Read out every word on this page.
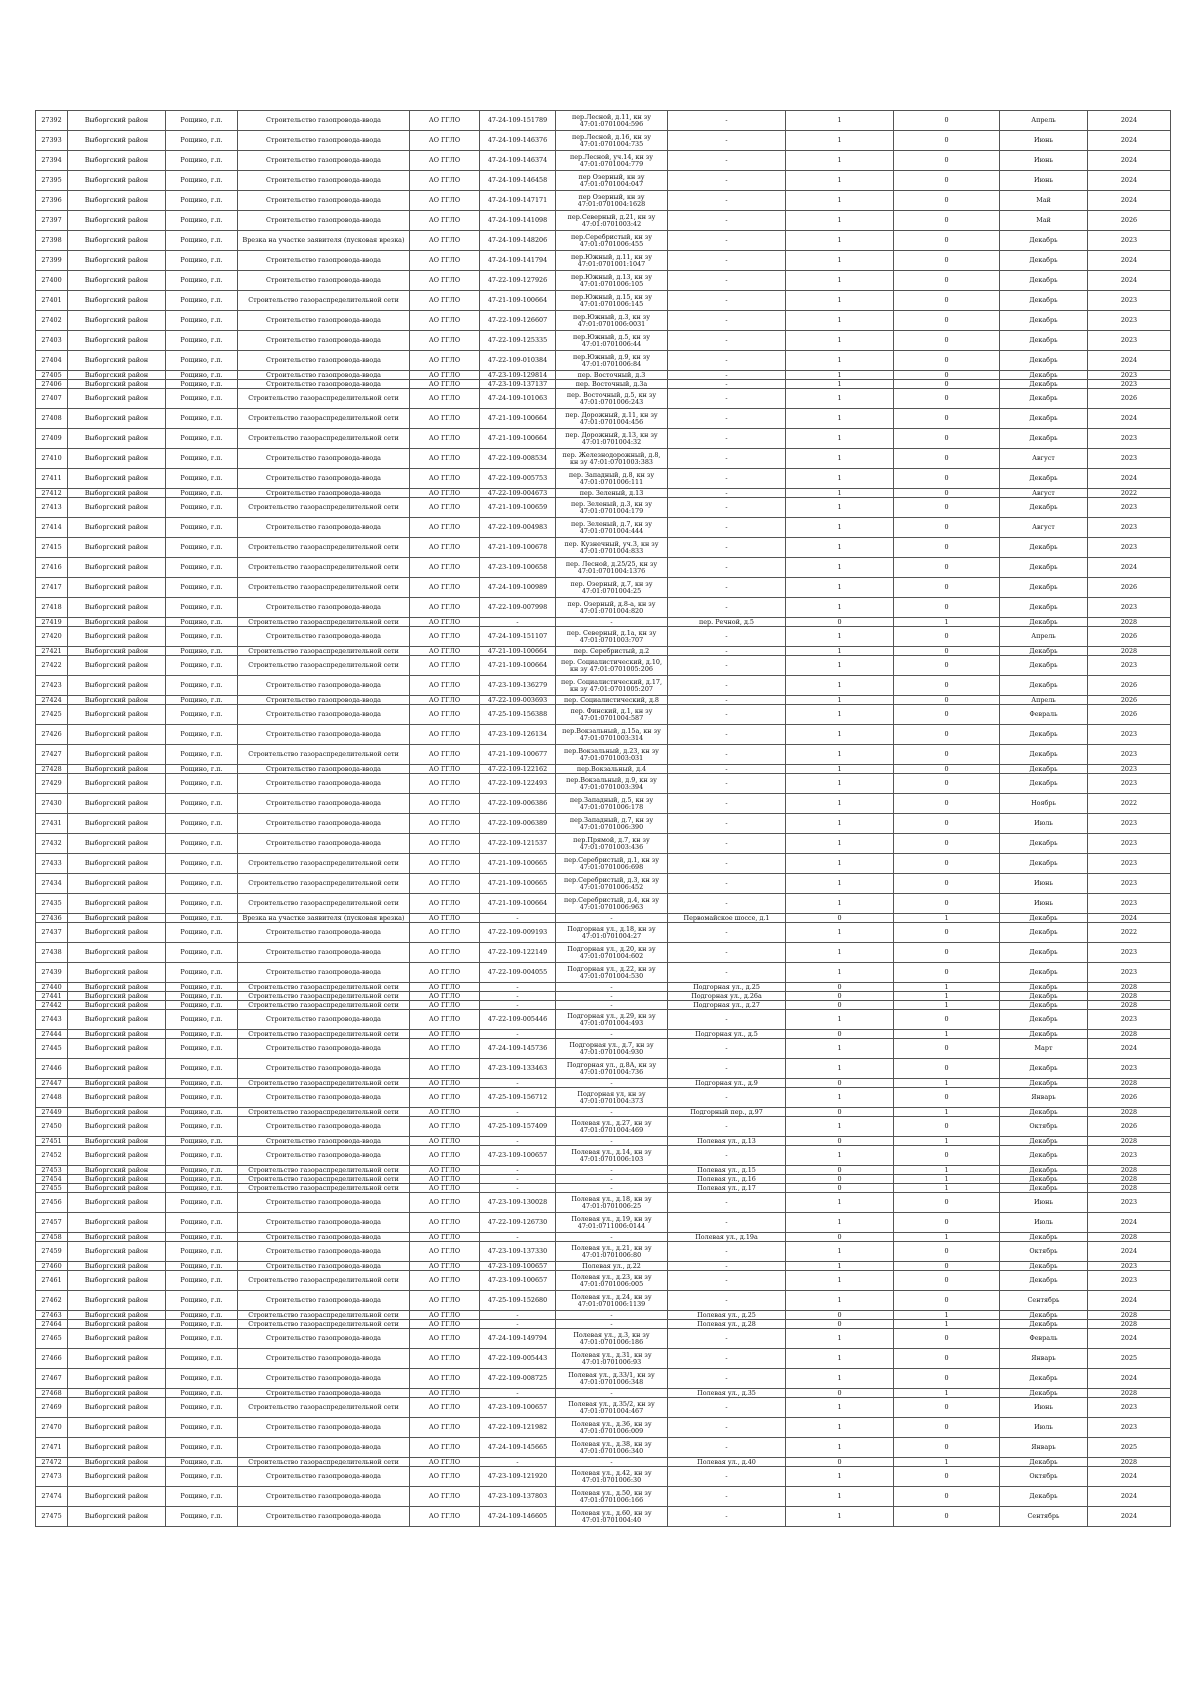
27392	Выборгский район	Рощино, г.п.	Строительство газопровода-ввода	АО ГГЛО	47-24-109-151789	пер.Лесной, д.11, кн зу 47:01:0701004:596	-	1	0	Апрель	2024
27393	Выборгский район	Рощино, г.п.	Строительство газопровода-ввода	АО ГГЛО	47-24-109-146376	пер.Лесной, д.16, кн зу 47:01:0701004:735	-	1	0	Июнь	2024
27394	Выборгский район	Рощино, г.п.	Строительство газопровода-ввода	АО ГГЛО	47-24-109-146374	пер.Лесной, уч.14, кн зу 47:01:0701004:779	-	1	0	Июнь	2024
27395	Выборгский район	Рощино, г.п.	Строительство газопровода-ввода	АО ГГЛО	47-24-109-146458	пер Озерный, кн зу 47:01:0701004:047	-	1	0	Июнь	2024
27396	Выборгский район	Рощино, г.п.	Строительство газопровода-ввода	АО ГГЛО	47-24-109-147171	пер Озерный, кн зу 47:01:0701004:1628	-	1	0	Май	2024
27397	Выборгский район	Рощино, г.п.	Строительство газопровода-ввода	АО ГГЛО	47-24-109-141098	пер.Северный, д.21, кн зу 47:01:0701003:42	-	1	0	Май	2026
27398	Выборгский район	Рощино, г.п.	Врезка на участке заявителя (пусковая врезка)	АО ГГЛО	47-24-109-148206	пер.Серебристый, кн зу 47:01:0701006:455	-	1	0	Декабрь	2023
27399	Выборгский район	Рощино, г.п.	Строительство газопровода-ввода	АО ГГЛО	47-24-109-141794	пер.Южный, д.11, кн зу 47:01:0701001:1047	-	1	0	Декабрь	2024
27400	Выборгский район	Рощино, г.п.	Строительство газопровода-ввода	АО ГГЛО	47-22-109-127926	пер.Южный, д.13, кн зу 47:01:0701006:105	-	1	0	Декабрь	2024
27401	Выборгский район	Рощино, г.п.	Строительство газораспределительной сети	АО ГГЛО	47-21-109-100664	пер.Южный, д.15, кн зу 47:01:0701006:145	-	1	0	Декабрь	2023
27402	Выборгский район	Рощино, г.п.	Строительство газопровода-ввода	АО ГГЛО	47-22-109-126607	пер.Южный, д.3, кн зу 47:01:0701006:0031	-	1	0	Декабрь	2023
27403	Выборгский район	Рощино, г.п.	Строительство газопровода-ввода	АО ГГЛО	47-22-109-125335	пер.Южный, д.5, кн зу 47:01:0701006:44	-	1	0	Декабрь	2023
27404	Выборгский район	Рощино, г.п.	Строительство газопровода-ввода	АО ГГЛО	47-22-109-010384	пер.Южный, д.9, кн зу 47:01:0701006:84	-	1	0	Декабрь	2024
27405	Выборгский район	Рощино, г.п.	Строительство газопровода-ввода	АО ГГЛО	47-23-109-129814	пер. Восточный, д.3	-	1	0	Декабрь	2023
27406	Выборгский район	Рощино, г.п.	Строительство газопровода-ввода	АО ГГЛО	47-23-109-137137	пер. Восточный, д.3а	-	1	0	Декабрь	2023
27407	Выборгский район	Рощино, г.п.	Строительство газораспределительной сети	АО ГГЛО	47-24-109-101063	пер. Восточный, д.5, кн зу 47:01:0701006:243	-	1	0	Декабрь	2026
27408	Выборгский район	Рощино, г.п.	Строительство газораспределительной сети	АО ГГЛО	47-21-109-100664	пер. Дорожный, д.11, кн зу 47:01:0701004:456	-	1	0	Декабрь	2024
27409	Выборгский район	Рощино, г.п.	Строительство газораспределительной сети	АО ГГЛО	47-21-109-100664	пер. Дорожный, д.13, кн зу 47:01:0701004:32	-	1	0	Декабрь	2023
27410	Выборгский район	Рощино, г.п.	Строительство газопровода-ввода	АО ГГЛО	47-22-109-008534	пер. Железнодорожный, д.8, кн зу 47:01:0701003:383	-	1	0	Август	2023
27411	Выборгский район	Рощино, г.п.	Строительство газопровода-ввода	АО ГГЛО	47-22-109-005753	пер. Западный, д.8, кн зу 47:01:0701006:111	-	1	0	Декабрь	2024
27412	Выборгский район	Рощино, г.п.	Строительство газопровода-ввода	АО ГГЛО	47-22-109-004673	пер. Зеленый, д.13	-	1	0	Август	2022
27413	Выборгский район	Рощино, г.п.	Строительство газораспределительной сети	АО ГГЛО	47-21-109-100659	пер. Зеленый, д.3, кн зу 47:01:0701004:179	-	1	0	Декабрь	2023
27414	Выборгский район	Рощино, г.п.	Строительство газопровода-ввода	АО ГГЛО	47-22-109-004983	пер. Зеленый, д.7, кн зу 47:01:0701004:444	-	1	0	Август	2023
27415	Выборгский район	Рощино, г.п.	Строительство газораспределительной сети	АО ГГЛО	47-21-109-100678	пер. Кузнечный, уч.3, кн зу 47:01:0701004:833	-	1	0	Декабрь	2023
27416	Выборгский район	Рощино, г.п.	Строительство газораспределительной сети	АО ГГЛО	47-23-109-100658	пер. Лесной, д.25/25, кн зу 47:01:0701004:1376	-	1	0	Декабрь	2024
27417	Выборгский район	Рощино, г.п.	Строительство газораспределительной сети	АО ГГЛО	47-24-109-100989	пер. Озерный, д.7, кн зу 47:01:0701004:25	-	1	0	Декабрь	2026
27418	Выборгский район	Рощино, г.п.	Строительство газопровода-ввода	АО ГГЛО	47-22-109-007998	пер. Озерный, д.8-а, кн зу 47:01:0701004:820	-	1	0	Декабрь	2023
27419	Выборгский район	Рощино, г.п.	Строительство газораспределительной сети	АО ГГЛО	-	-	пер. Речной, д.5	0	1	Декабрь	2028
27420	Выборгский район	Рощино, г.п.	Строительство газопровода-ввода	АО ГГЛО	47-24-109-151107	пер. Северный, д.1а, кн зу 47:01:0701003:707	-	1	0	Апрель	2026
27421	Выборгский район	Рощино, г.п.	Строительство газораспределительной сети	АО ГГЛО	47-21-109-100664	пер. Серебристый, д.2	-	1	0	Декабрь	2028
27422	Выборгский район	Рощино, г.п.	Строительство газораспределительной сети	АО ГГЛО	47-21-109-100664	пер. Социалистический, д.10, кн зу 47:01:0701005:206	-	1	0	Декабрь	2023
27423	Выборгский район	Рощино, г.п.	Строительство газопровода-ввода	АО ГГЛО	47-23-109-136279	пер. Социалистический, д.17, кн зу 47:01:0701005:207	-	1	0	Декабрь	2026
27424	Выборгский район	Рощино, г.п.	Строительство газопровода-ввода	АО ГГЛО	47-22-109-003693	пер. Социалистический, д.8	-	1	0	Апрель	2026
27425	Выборгский район	Рощино, г.п.	Строительство газопровода-ввода	АО ГГЛО	47-25-109-156388	пер. Финский, д.1, кн зу 47:01:0701004:587	-	1	0	Февраль	2026
27426	Выборгский район	Рощино, г.п.	Строительство газопровода-ввода	АО ГГЛО	47-23-109-126134	пер.Вокзальный, д.15а, кн зу 47:01:0701003:314	-	1	0	Декабрь	2023
27427	Выборгский район	Рощино, г.п.	Строительство газораспределительной сети	АО ГГЛО	47-21-109-100677	пер.Вокзальный, д.23, кн зу 47:01:0701003:031	-	1	0	Декабрь	2023
27428	Выборгский район	Рощино, г.п.	Строительство газопровода-ввода	АО ГГЛО	47-22-109-122162	пер.Вокзальный, д.4	-	1	0	Декабрь	2023
27429	Выборгский район	Рощино, г.п.	Строительство газопровода-ввода	АО ГГЛО	47-22-109-122493	пер.Вокзальный, д.9, кн зу 47:01:0701003:394	-	1	0	Декабрь	2023
27430	Выборгский район	Рощино, г.п.	Строительство газопровода-ввода	АО ГГЛО	47-22-109-006386	пер.Западный, д.5, кн зу 47:01:0701006:178	-	1	0	Ноябрь	2022
27431	Выборгский район	Рощино, г.п.	Строительство газопровода-ввода	АО ГГЛО	47-22-109-006389	пер.Западный, д.7, кн зу 47:01:0701006:390	-	1	0	Июль	2023
27432	Выборгский район	Рощино, г.п.	Строительство газопровода-ввода	АО ГГЛО	47-22-109-121537	пер.Прямой, д.7, кн зу 47:01:0701003:436	-	1	0	Декабрь	2023
27433	Выборгский район	Рощино, г.п.	Строительство газораспределительной сети	АО ГГЛО	47-21-109-100665	пер.Серебристый, д.1, кн зу 47:01:0701006:698	-	1	0	Декабрь	2023
27434	Выборгский район	Рощино, г.п.	Строительство газораспределительной сети	АО ГГЛО	47-21-109-100665	пер.Серебристый, д.3, кн зу 47:01:0701006:452	-	1	0	Июнь	2023
27435	Выборгский район	Рощино, г.п.	Строительство газораспределительной сети	АО ГГЛО	47-21-109-100664	пер.Серебристый, д.4, кн зу 47:01:0701006:963	-	1	0	Июнь	2023
27436	Выборгский район	Рощино, г.п.	Врезка на участке заявителя (пусковая врезка)	АО ГГЛО	-	-	Первомайское шоссе, д.1	0	1	Декабрь	2024
27437	Выборгский район	Рощино, г.п.	Строительство газопровода-ввода	АО ГГЛО	47-22-109-009193	Подгорная ул., д.18, кн зу 47:01:0701004:27	-	1	0	Декабрь	2022
27438	Выборгский район	Рощино, г.п.	Строительство газопровода-ввода	АО ГГЛО	47-22-109-122149	Подгорная ул., д.20, кн зу 47:01:0701004:602	-	1	0	Декабрь	2023
27439	Выборгский район	Рощино, г.п.	Строительство газопровода-ввода	АО ГГЛО	47-22-109-004055	Подгорная ул., д.22, кн зу 47:01:0701004:530	-	1	0	Декабрь	2023
27440	Выборгский район	Рощино, г.п.	Строительство газораспределительной сети	АО ГГЛО	-	-	Подгорная ул., д.25	0	1	Декабрь	2028
27441	Выборгский район	Рощино, г.п.	Строительство газораспределительной сети	АО ГГЛО	-	-	Подгорная ул., д.26а	0	1	Декабрь	2028
27442	Выборгский район	Рощино, г.п.	Строительство газораспределительной сети	АО ГГЛО	-	-	Подгорная ул., д.27	0	1	Декабрь	2028
27443	Выборгский район	Рощино, г.п.	Строительство газопровода-ввода	АО ГГЛО	47-22-109-005446	Подгорная ул., д.29, кн зу 47:01:0701004:493	-	1	0	Декабрь	2023
27444	Выборгский район	Рощино, г.п.	Строительство газораспределительной сети	АО ГГЛО	-	-	Подгорная ул., д.5	0	1	Декабрь	2028
27445	Выборгский район	Рощино, г.п.	Строительство газопровода-ввода	АО ГГЛО	47-24-109-145736	Подгорная ул., д.7, кн зу 47:01:0701004:930	-	1	0	Март	2024
27446	Выборгский район	Рощино, г.п.	Строительство газопровода-ввода	АО ГГЛО	47-23-109-133463	Подгорная ул., д.8А, кн зу 47:01:0701004:736	-	1	0	Декабрь	2023
27447	Выборгский район	Рощино, г.п.	Строительство газораспределительной сети	АО ГГЛО	-	-	Подгорная ул., д.9	0	1	Декабрь	2028
27448	Выборгский район	Рощино, г.п.	Строительство газопровода-ввода	АО ГГЛО	47-25-109-156712	Подгорная ул, кн зу 47:01:0701004:373	-	1	0	Январь	2026
27449	Выборгский район	Рощино, г.п.	Строительство газораспределительной сети	АО ГГЛО	-	-	Подгорный пер., д.97	0	1	Декабрь	2028
27450	Выборгский район	Рощино, г.п.	Строительство газопровода-ввода	АО ГГЛО	47-25-109-157409	Полевая ул., д.27, кн зу 47:01:0701004:469	-	1	0	Октябрь	2026
27451	Выборгский район	Рощино, г.п.	Строительство газопровода-ввода	АО ГГЛО	-	-	Полевая ул., д.13	0	1	Декабрь	2028
27452	Выборгский район	Рощино, г.п.	Строительство газопровода-ввода	АО ГГЛО	47-23-109-100657	Полевая ул., д.14, кн зу 47:01:0701006:103	-	1	0	Декабрь	2023
27453	Выборгский район	Рощино, г.п.	Строительство газораспределительной сети	АО ГГЛО	-	-	Полевая ул., д.15	0	1	Декабрь	2028
27454	Выборгский район	Рощино, г.п.	Строительство газораспределительной сети	АО ГГЛО	-	-	Полевая ул., д.16	0	1	Декабрь	2028
27455	Выборгский район	Рощино, г.п.	Строительство газораспределительной сети	АО ГГЛО	-	-	Полевая ул., д.17	0	1	Декабрь	2028
27456	Выборгский район	Рощино, г.п.	Строительство газопровода-ввода	АО ГГЛО	47-23-109-130028	Полевая ул., д.18, кн зу 47:01:0701006:25	-	1	0	Июнь	2023
27457	Выборгский район	Рощино, г.п.	Строительство газопровода-ввода	АО ГГЛО	47-22-109-126730	Полевая ул., д.19, кн зу 47:01:0711006:0144	-	1	0	Июль	2024
27458	Выборгский район	Рощино, г.п.	Строительство газопровода-ввода	АО ГГЛО	-	-	Полевая ул., д.19а	0	1	Декабрь	2028
27459	Выборгский район	Рощино, г.п.	Строительство газопровода-ввода	АО ГГЛО	47-23-109-137330	Полевая ул., д.21, кн зу 47:01:0701006:80	-	1	0	Октябрь	2024
27460	Выборгский район	Рощино, г.п.	Строительство газопровода-ввода	АО ГГЛО	47-23-109-100657	Полевая ул., д.22	-	1	0	Декабрь	2023
27461	Выборгский район	Рощино, г.п.	Строительство газораспределительной сети	АО ГГЛО	47-23-109-100657	Полевая ул., д.23, кн зу 47:01:0701006:005	-	1	0	Декабрь	2023
27462	Выборгский район	Рощино, г.п.	Строительство газопровода-ввода	АО ГГЛО	47-25-109-152680	Полевая ул., д.24, кн зу 47:01:0701006:1139	-	1	0	Сентябрь	2024
27463	Выборгский район	Рощино, г.п.	Строительство газораспределительной сети	АО ГГЛО	-	-	Полевая ул., д.25	0	1	Декабрь	2028
27464	Выборгский район	Рощино, г.п.	Строительство газораспределительной сети	АО ГГЛО	-	-	Полевая ул., д.28	0	1	Декабрь	2028
27465	Выборгский район	Рощино, г.п.	Строительство газопровода-ввода	АО ГГЛО	47-24-109-149794	Полевая ул., д.3, кн зу 47:01:0701006:186	-	1	0	Февраль	2024
27466	Выборгский район	Рощино, г.п.	Строительство газопровода-ввода	АО ГГЛО	47-22-109-005443	Полевая ул., д.31, кн зу 47:01:0701006:93	-	1	0	Январь	2025
27467	Выборгский район	Рощино, г.п.	Строительство газопровода-ввода	АО ГГЛО	47-22-109-008725	Полевая ул., д.33/1, кн зу 47:01:0701006:348	-	1	0	Декабрь	2024
27468	Выборгский район	Рощино, г.п.	Строительство газопровода-ввода	АО ГГЛО	-	-	Полевая ул., д.35	0	1	Декабрь	2028
27469	Выборгский район	Рощино, г.п.	Строительство газораспределительной сети	АО ГГЛО	47-23-109-100657	Полевая ул., д.35/2, кн зу 47:01:0701004:467	-	1	0	Июнь	2023
27470	Выборгский район	Рощино, г.п.	Строительство газопровода-ввода	АО ГГЛО	47-22-109-121982	Полевая ул., д.36, кн зу 47:01:0701006:009	-	1	0	Июль	2023
27471	Выборгский район	Рощино, г.п.	Строительство газопровода-ввода	АО ГГЛО	47-24-109-145665	Полевая ул., д.38, кн зу 47:01:0701006:340	-	1	0	Январь	2025
27472	Выборгский район	Рощино, г.п.	Строительство газораспределительной сети	АО ГГЛО	-	-	Полевая ул., д.40	0	1	Декабрь	2028
27473	Выборгский район	Рощино, г.п.	Строительство газопровода-ввода	АО ГГЛО	47-23-109-121920	Полевая ул., д.42, кн зу 47:01:0701006:30	-	1	0	Октябрь	2024
27474	Выборгский район	Рощино, г.п.	Строительство газопровода-ввода	АО ГГЛО	47-23-109-137803	Полевая ул., д.50, кн зу 47:01:0701006:166	-	1	0	Декабрь	2024
27475	Выборгский район	Рощино, г.п.	Строительство газопровода-ввода	АО ГГЛО	47-24-109-146605	Полевая ул., д.60, кн зу 47:01:0701004:40	-	1	0	Сентябрь	2024
